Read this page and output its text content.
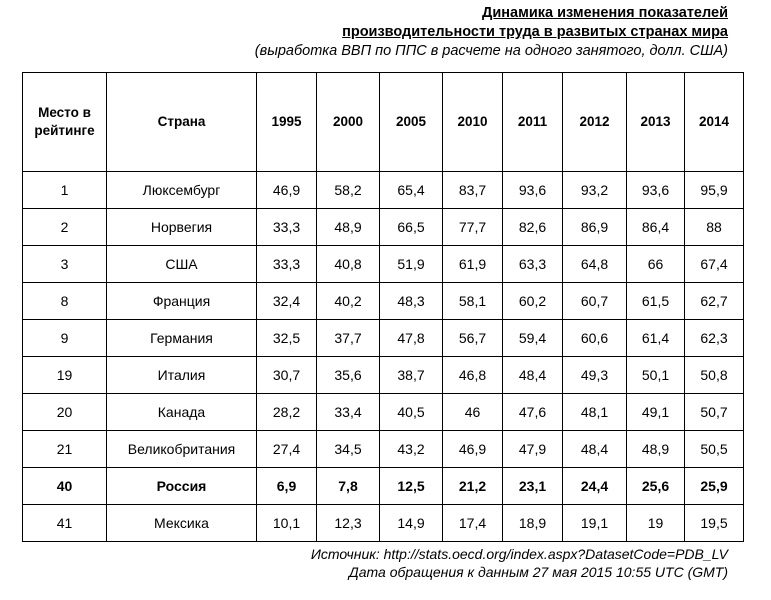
Динамика изменения показателей
производительности труда в развитых странах мира
(выработка ВВП по ППС в расчете на одного занятого, долл. США)
Место в рейтинге	Страна	1995	2000	2005	2010	2011	2012	2013	2014
1	Люксембург	46,9	58,2	65,4	83,7	93,6	93,2	93,6	95,9
2	Норвегия	33,3	48,9	66,5	77,7	82,6	86,9	86,4	88
3	США	33,3	40,8	51,9	61,9	63,3	64,8	66	67,4
8	Франция	32,4	40,2	48,3	58,1	60,2	60,7	61,5	62,7
9	Германия	32,5	37,7	47,8	56,7	59,4	60,6	61,4	62,3
19	Италия	30,7	35,6	38,7	46,8	48,4	49,3	50,1	50,8
20	Канада	28,2	33,4	40,5	46	47,6	48,1	49,1	50,7
21	Великобритания	27,4	34,5	43,2	46,9	47,9	48,4	48,9	50,5
40	Россия	6,9	7,8	12,5	21,2	23,1	24,4	25,6	25,9
41	Мексика	10,1	12,3	14,9	17,4	18,9	19,1	19	19,5
Источник: http://stats.oecd.org/index.aspx?DatasetCode=PDB_LV
Дата обращения к данным 27 мая 2015 10:55 UTC (GMT)
